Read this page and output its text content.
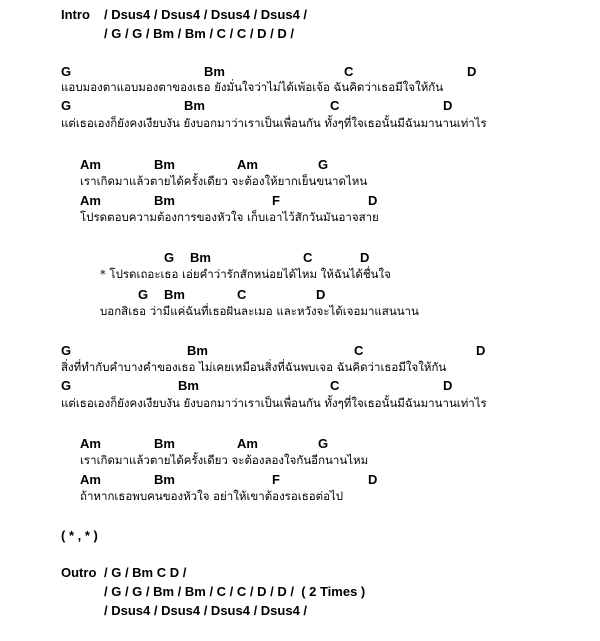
Intro / Dsus4 / Dsus4 / Dsus4 / Dsus4 /
/ G / G / Bm / Bm / C / C / D / D /
G	Bm	C	D
แอบมองตาแอบมองตาของเธอ ยังมั่นใจว่าไม่ได้เพ้อเจ้อ ฉันคิดว่าเธอมีใจให้กัน
G	Bm	C	D
แต่เธอเองก็ยังคงเงียบงัน ยังบอกมาว่าเราเป็นเพื่อนกัน ทั้งๆที่ใจเธอนั้นมีฉันมานานเท่าไร
Am	Bm	Am	G
เราเกิดมาแล้วตายได้ครั้งเดียว จะต้องให้ยากเย็นขนาดไหน
Am	Bm	F	D
โปรดตอบความต้องการของหัวใจ เก็บเอาไว้สักวันมันอาจสาย
G Bm	C	D
* โปรดเถอะเธอ เอ่ยคำว่ารักสักหน่อยได้ไหม ให้ฉันได้ชื่นใจ
G Bm	C	D
บอกสิเธอ ว่ามีแค่ฉันที่เธอฝันละเมอ และหวังจะได้เจอมาแสนนาน
G	Bm	C	D
สิ่งที่ทำกับคำบางคำของเธอ ไม่เคยเหมือนสิ่งที่ฉันพบเจอ ฉันคิดว่าเธอมีใจให้กัน
G	Bm	C	D
แต่เธอเองก็ยังคงเงียบงัน ยังบอกมาว่าเราเป็นเพื่อนกัน ทั้งๆที่ใจเธอนั้นมีฉันมานานเท่าไร
Am	Bm	Am	G
เราเกิดมาแล้วตายได้ครั้งเดียว จะต้องลองใจกันอีกนานไหม
Am	Bm	F	D
ถ้าหากเธอพบคนของหัวใจ อย่าให้เขาต้องรอเธอต่อไป
( * , * )
Outro / G / Bm C D /
/ G / G / Bm / Bm / C / C / D / D /  ( 2 Times )
/ Dsus4 / Dsus4 / Dsus4 / Dsus4 /
